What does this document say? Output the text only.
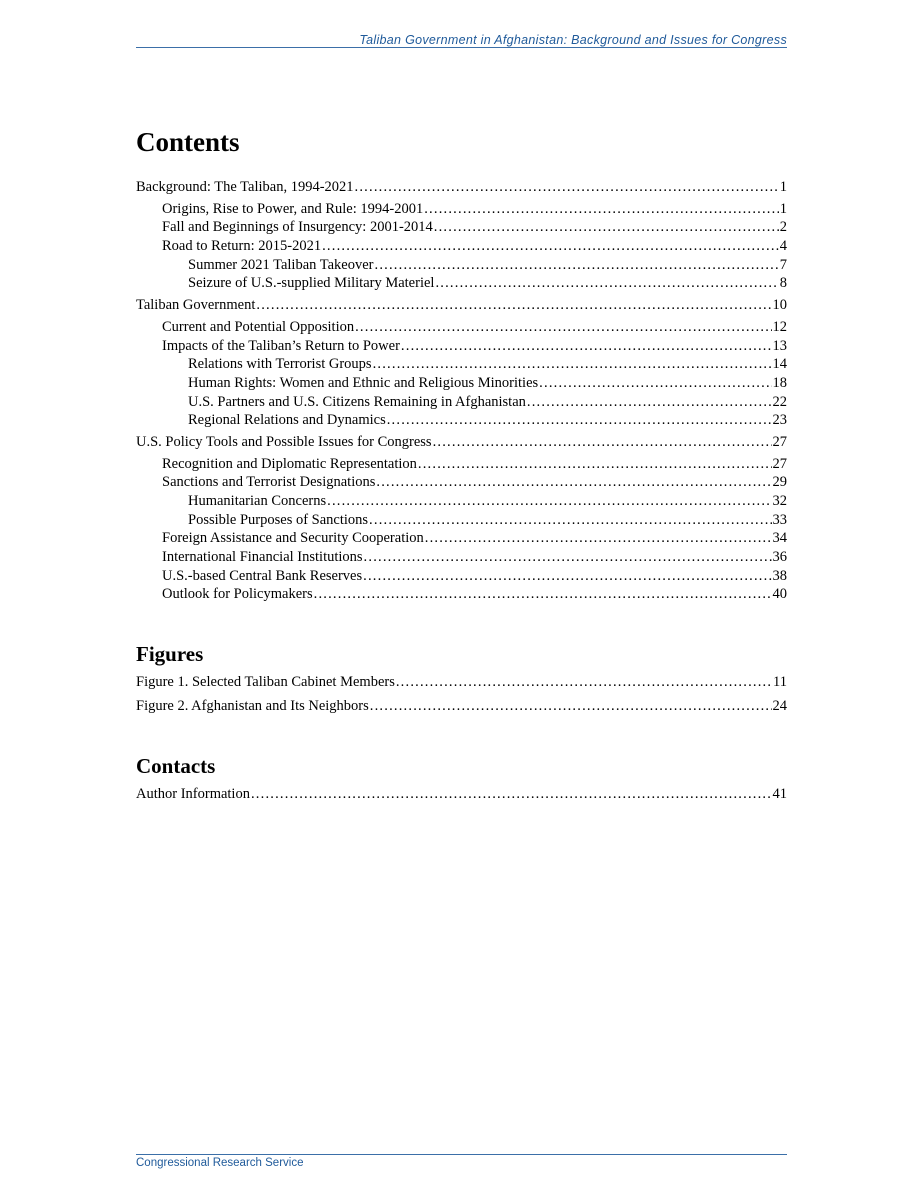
Taliban Government in Afghanistan: Background and Issues for Congress
Contents
Background: The Taliban, 1994-2021 .....	1
Origins, Rise to Power, and Rule: 1994-2001 .....	1
Fall and Beginnings of Insurgency: 2001-2014 .....	2
Road to Return: 2015-2021 .....	4
Summer 2021 Taliban Takeover .....	7
Seizure of U.S.-supplied Military Materiel .....	8
Taliban Government .....	10
Current and Potential Opposition .....	12
Impacts of the Taliban’s Return to Power .....	13
Relations with Terrorist Groups .....	14
Human Rights: Women and Ethnic and Religious Minorities .....	18
U.S. Partners and U.S. Citizens Remaining in Afghanistan .....	22
Regional Relations and Dynamics .....	23
U.S. Policy Tools and Possible Issues for Congress .....	27
Recognition and Diplomatic Representation .....	27
Sanctions and Terrorist Designations .....	29
Humanitarian Concerns .....	32
Possible Purposes of Sanctions .....	33
Foreign Assistance and Security Cooperation .....	34
International Financial Institutions .....	36
U.S.-based Central Bank Reserves .....	38
Outlook for Policymakers .....	40
Figures
Figure 1. Selected Taliban Cabinet Members .....	11
Figure 2. Afghanistan and Its Neighbors .....	24
Contacts
Author Information .....	41
Congressional Research Service
